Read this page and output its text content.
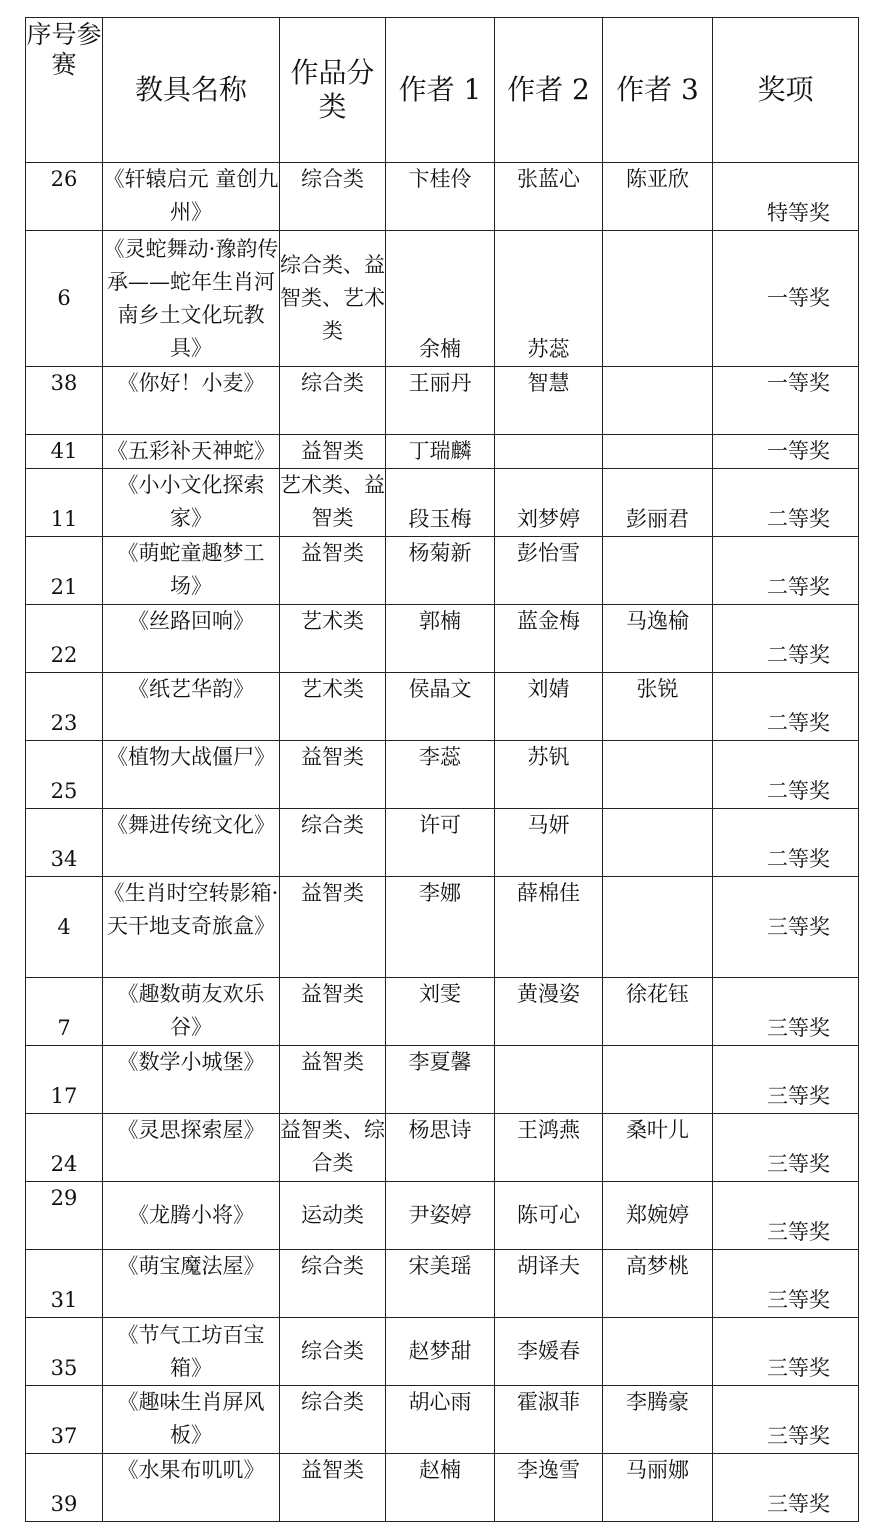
序号参赛	教具名称	作品分类	作者 1	作者 2	作者 3	奖项
26	《轩辕启元 童创九州》	综合类	卞桂伶	张蓝心	陈亚欣	特等奖
6	《灵蛇舞动·豫韵传承——蛇年生肖河南乡土文化玩教具》	综合类、益智类、艺术类	余楠	苏蕊		一等奖
38	《你好！小麦》	综合类	王丽丹	智慧		一等奖
41	《五彩补天神蛇》	益智类	丁瑞麟			一等奖
11	《小小文化探索家》	艺术类、益智类	段玉梅	刘梦婷	彭丽君	二等奖
21	《萌蛇童趣梦工场》	益智类	杨菊新	彭怡雪		二等奖
22	《丝路回响》	艺术类	郭楠	蓝金梅	马逸榆	二等奖
23	《纸艺华韵》	艺术类	侯晶文	刘婧	张锐	二等奖
25	《植物大战僵尸》	益智类	李蕊	苏钒		二等奖
34	《舞进传统文化》	综合类	许可	马妍		二等奖
4	《生肖时空转影箱·天干地支奇旅盒》	益智类	李娜	薛棉佳		三等奖
7	《趣数萌友欢乐谷》	益智类	刘雯	黄漫姿	徐花钰	三等奖
17	《数学小城堡》	益智类	李夏馨			三等奖
24	《灵思探索屋》	益智类、综合类	杨思诗	王鸿燕	桑叶儿	三等奖
29	《龙腾小将》	运动类	尹姿婷	陈可心	郑婉婷	三等奖
31	《萌宝魔法屋》	综合类	宋美瑶	胡译夫	高梦桃	三等奖
35	《节气工坊百宝箱》	综合类	赵梦甜	李媛春		三等奖
37	《趣味生肖屏风板》	综合类	胡心雨	霍淑菲	李腾豪	三等奖
39	《水果布叽叽》	益智类	赵楠	李逸雪	马丽娜	三等奖
